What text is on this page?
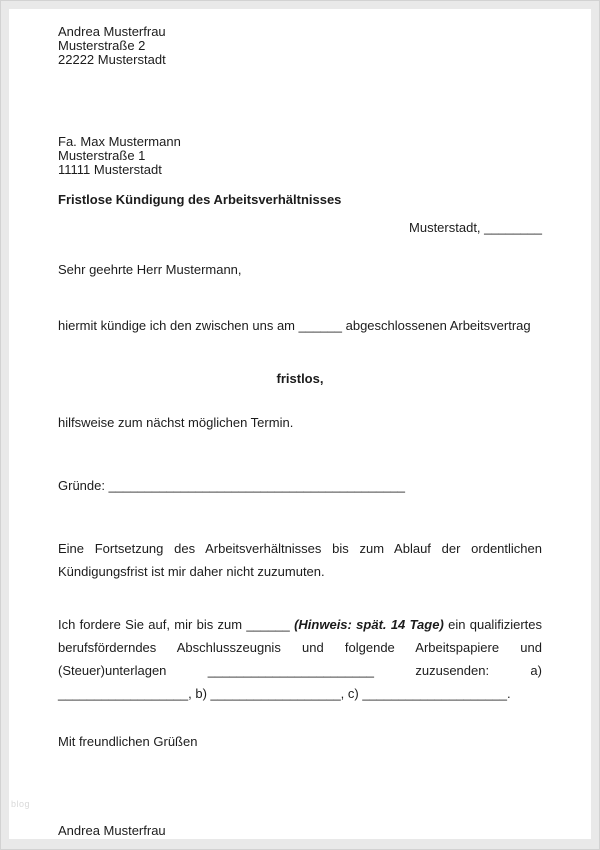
Andrea Musterfrau
Musterstraße 2
22222 Musterstadt
Fa. Max Mustermann
Musterstraße 1
11111 Musterstadt
Fristlose Kündigung des Arbeitsverhältnisses
Musterstadt, ________
Sehr geehrte Herr Mustermann,
hiermit kündige ich den zwischen uns am ______ abgeschlossenen Arbeitsvertrag
fristlos,
hilfsweise zum nächst möglichen Termin.
Gründe: _________________________________________
Eine Fortsetzung des Arbeitsverhältnisses bis zum Ablauf der ordentlichen Kündigungsfrist ist mir daher nicht zuzumuten.
Ich fordere Sie auf, mir bis zum ______ (Hinweis: spät. 14 Tage) ein qualifiziertes berufsförderndes Abschlusszeugnis und folgende Arbeitspapiere und (Steuer)unterlagen _______________________ zuzusenden: a) __________________, b) __________________, c) ____________________.
Mit freundlichen Grüßen
Andrea Musterfrau
blog
